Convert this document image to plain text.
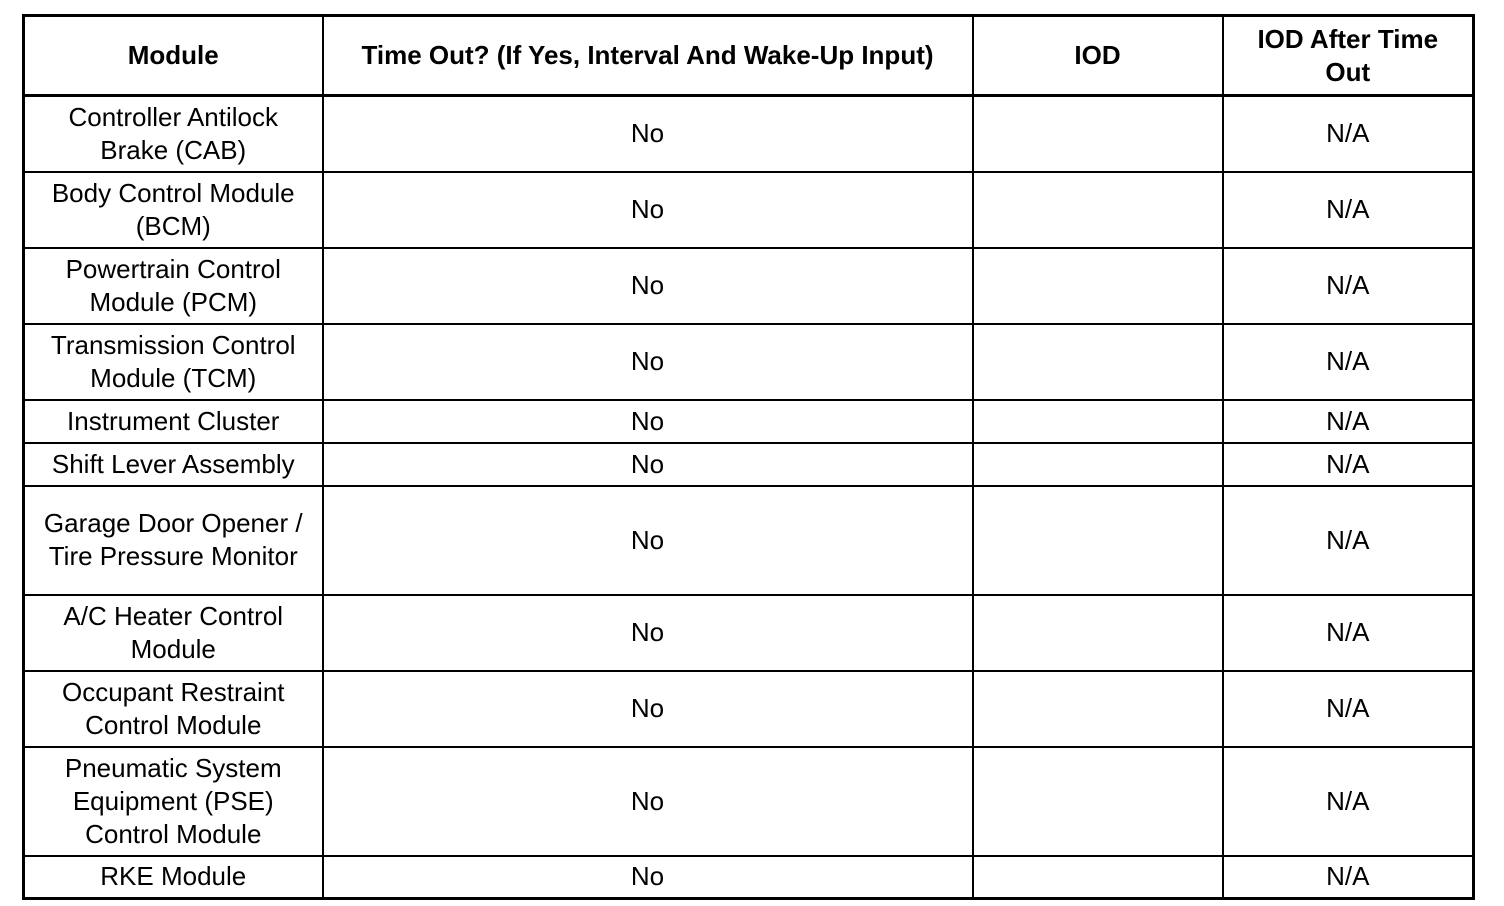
Module	Time Out? (If Yes, Interval And Wake-Up Input)	IOD	IOD After Time Out
Controller Antilock Brake (CAB)	No		N/A
Body Control Module (BCM)	No		N/A
Powertrain Control Module (PCM)	No		N/A
Transmission Control Module (TCM)	No		N/A
Instrument Cluster	No		N/A
Shift Lever Assembly	No		N/A
Garage Door Opener / Tire Pressure Monitor	No		N/A
A/C Heater Control Module	No		N/A
Occupant Restraint Control Module	No		N/A
Pneumatic System Equipment (PSE) Control Module	No		N/A
RKE Module	No		N/A
